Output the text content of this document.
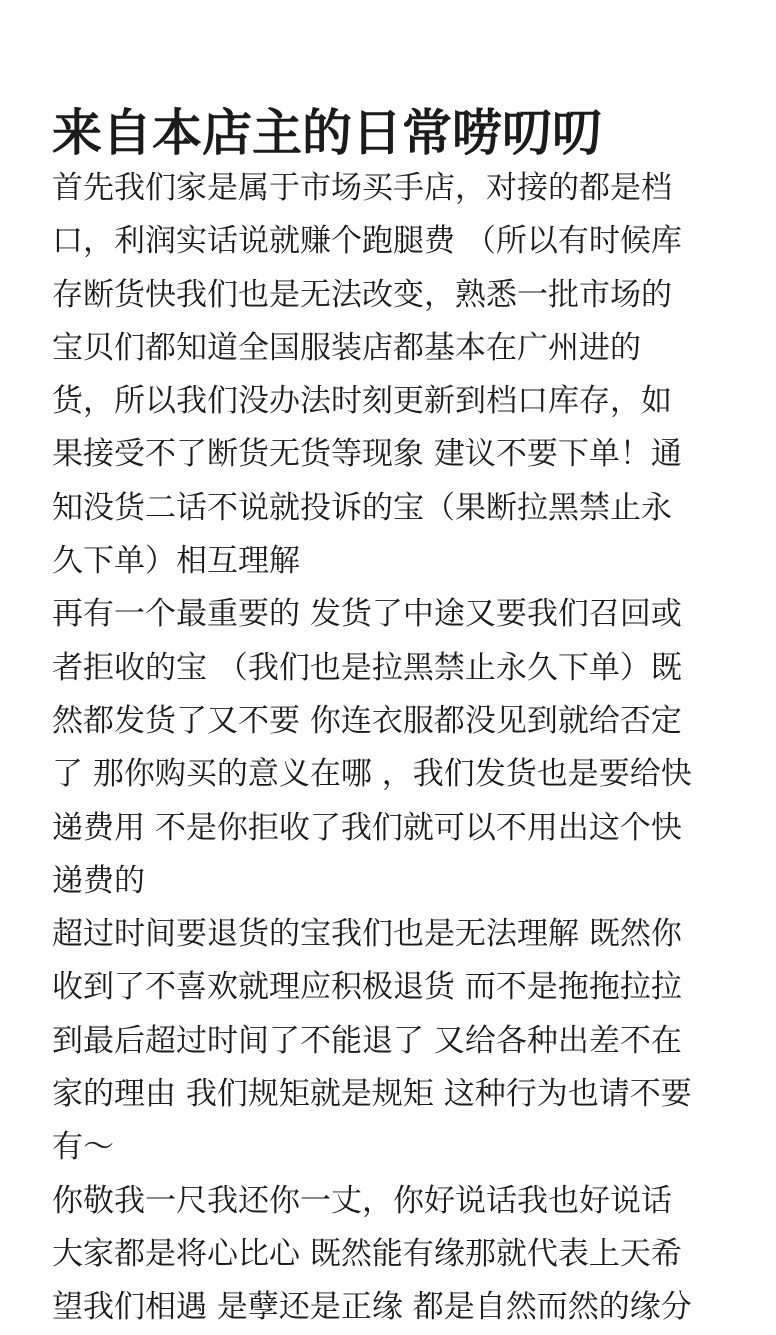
来自本店主的日常唠叨叨
首先我们家是属于市场买手店，对接的都是档
口，利润实话说就赚个跑腿费 （所以有时候库
存断货快我们也是无法改变，熟悉一批市场的
宝贝们都知道全国服装店都基本在广州进的
货，所以我们没办法时刻更新到档口库存，如
果接受不了断货无货等现象 建议不要下单！通
知没货二话不说就投诉的宝（果断拉黑禁止永
久下单）相互理解
再有一个最重要的 发货了中途又要我们召回或
者拒收的宝 （我们也是拉黑禁止永久下单）既
然都发货了又不要 你连衣服都没见到就给否定
了 那你购买的意义在哪 ，我们发货也是要给快
递费用 不是你拒收了我们就可以不用出这个快
递费的
超过时间要退货的宝我们也是无法理解 既然你
收到了不喜欢就理应积极退货 而不是拖拖拉拉
到最后超过时间了不能退了 又给各种出差不在
家的理由 我们规矩就是规矩 这种行为也请不要
有～
你敬我一尺我还你一丈，你好说话我也好说话
大家都是将心比心 既然能有缘那就代表上天希
望我们相遇 是孽还是正缘 都是自然而然的缘分
